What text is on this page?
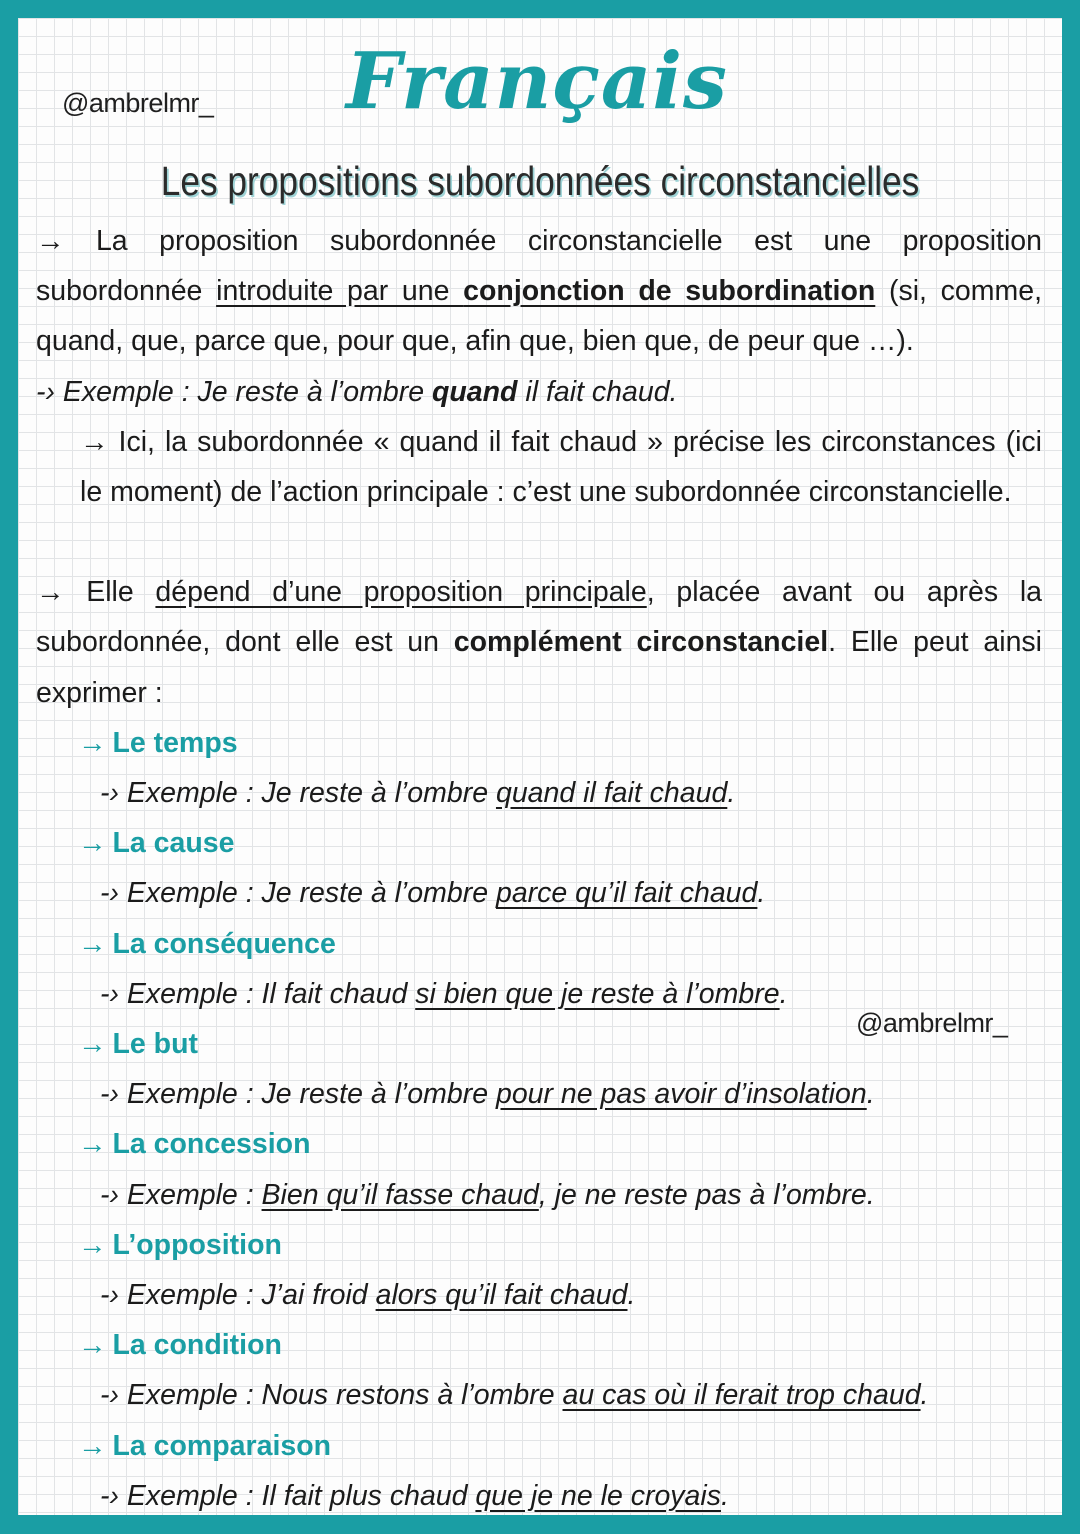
@ambrelmr_ Français
Les propositions subordonnées circonstancielles
@ambrelmr_

→ La proposition subordonnée circonstancielle est une proposition subordonnée introduite par une conjonction de subordination (si, comme, quand, que, parce que, pour que, afin que, bien que, de peur que …).

-› Exemple : Je reste à l’ombre quand il fait chaud.

→ Ici, la subordonnée « quand il fait chaud » précise les circonstances (ici le moment) de l’action principale : c’est une subordonnée circonstancielle.

→ Elle dépend d’une proposition principale, placée avant ou après la subordonnée, dont elle est un complément circonstanciel. Elle peut ainsi exprimer :

→ Le temps
-› Exemple : Je reste à l’ombre quand il fait chaud.
→ La cause
-› Exemple : Je reste à l’ombre parce qu’il fait chaud.
→ La conséquence
-› Exemple : Il fait chaud si bien que je reste à l’ombre.
→ Le but
-› Exemple : Je reste à l’ombre pour ne pas avoir d’insolation.
→ La concession
-› Exemple : Bien qu’il fasse chaud, je ne reste pas à l’ombre.
→ L’opposition
-› Exemple : J’ai froid alors qu’il fait chaud.
→ La condition
-› Exemple : Nous restons à l’ombre au cas où il ferait trop chaud.
→ La comparaison
-› Exemple : Il fait plus chaud que je ne le croyais.
